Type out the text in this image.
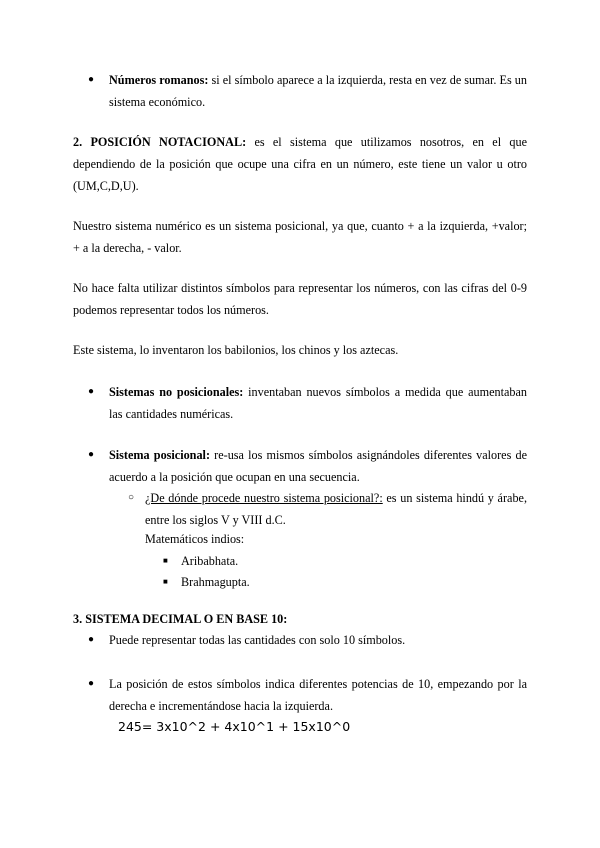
● Números romanos: si el símbolo aparece a la izquierda, resta en vez de sumar. Es un sistema económico.
2. POSICIÓN NOTACIONAL: es el sistema que utilizamos nosotros, en el que dependiendo de la posición que ocupe una cifra en un número, este tiene un valor u otro (UM,C,D,U).
Nuestro sistema numérico es un sistema posicional, ya que, cuanto + a la izquierda, +valor; + a la derecha, - valor.
No hace falta utilizar distintos símbolos para representar los números, con las cifras del 0-9 podemos representar todos los números.
Este sistema, lo inventaron los babilonios, los chinos y los aztecas.
● Sistemas no posicionales: inventaban nuevos símbolos a medida que aumentaban las cantidades numéricas.
● Sistema posicional: re-usa los mismos símbolos asignándoles diferentes valores de acuerdo a la posición que ocupan en una secuencia.
○ ¿De dónde procede nuestro sistema posicional?: es un sistema hindú y árabe, entre los siglos V y VIII d.C.
Matemáticos indios:
■ Aribabhata.
■ Brahmagupta.
3. SISTEMA DECIMAL O EN BASE 10:
● Puede representar todas las cantidades con solo 10 símbolos.
● La posición de estos símbolos indica diferentes potencias de 10, empezando por la derecha e incrementándose hacia la izquierda.
245= 3x10^2 + 4x10^1 + 15x10^0
